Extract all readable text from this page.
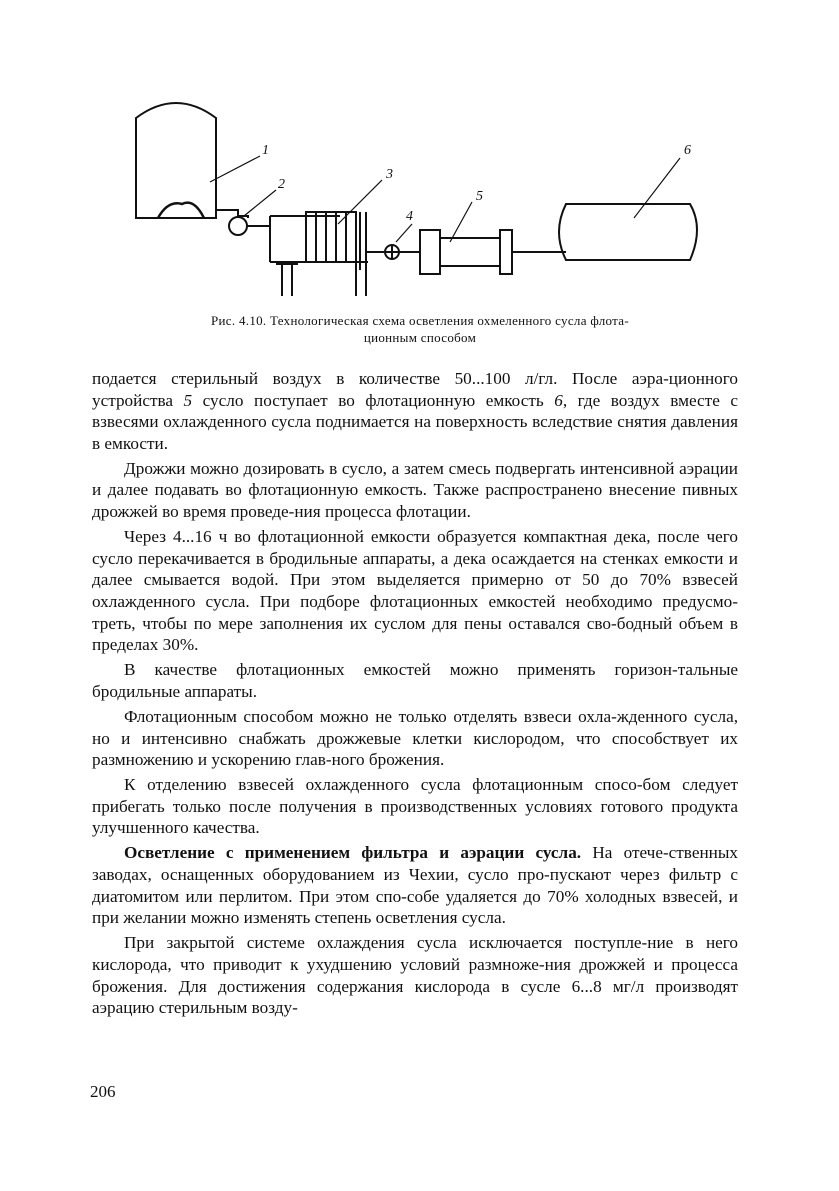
1
2
3
4
5
6
Рис. 4.10. Технологическая схема осветления охмеленного сусла флота-
ционным способом

подается стерильный воздух в количестве 50...100 л/гл. После аэра-ционного устройства 5 сусло поступает во флотационную емкость 6, где воздух вместе с взвесями охлажденного сусла поднимается на поверхность вследствие снятия давления в емкости.

Дрожжи можно дозировать в сусло, а затем смесь подвергать интенсивной аэрации и далее подавать во флотационную емкость. Также распространено внесение пивных дрожжей во время проведе-ния процесса флотации.

Через 4...16 ч во флотационной емкости образуется компактная дека, после чего сусло перекачивается в бродильные аппараты, а дека осаждается на стенках емкости и далее смывается водой. При этом выделяется примерно от 50 до 70% взвесей охлажденного сусла. При подборе флотационных емкостей необходимо предусмо-треть, чтобы по мере заполнения их суслом для пены оставался сво-бодный объем в пределах 30%.

В качестве флотационных емкостей можно применять горизон-тальные бродильные аппараты.

Флотационным способом можно не только отделять взвеси охла-жденного сусла, но и интенсивно снабжать дрожжевые клетки кислородом, что способствует их размножению и ускорению глав-ного брожения.

К отделению взвесей охлажденного сусла флотационным спосо-бом следует прибегать только после получения в производственных условиях готового продукта улучшенного качества.

Осветление с применением фильтра и аэрации сусла. На отече-ственных заводах, оснащенных оборудованием из Чехии, сусло про-пускают через фильтр с диатомитом или перлитом. При этом спо-собе удаляется до 70% холодных взвесей, и при желании можно изменять степень осветления сусла.

При закрытой системе охлаждения сусла исключается поступле-ние в него кислорода, что приводит к ухудшению условий размноже-ния дрожжей и процесса брожения. Для достижения содержания кислорода в сусле 6...8 мг/л производят аэрацию стерильным возду-

206
